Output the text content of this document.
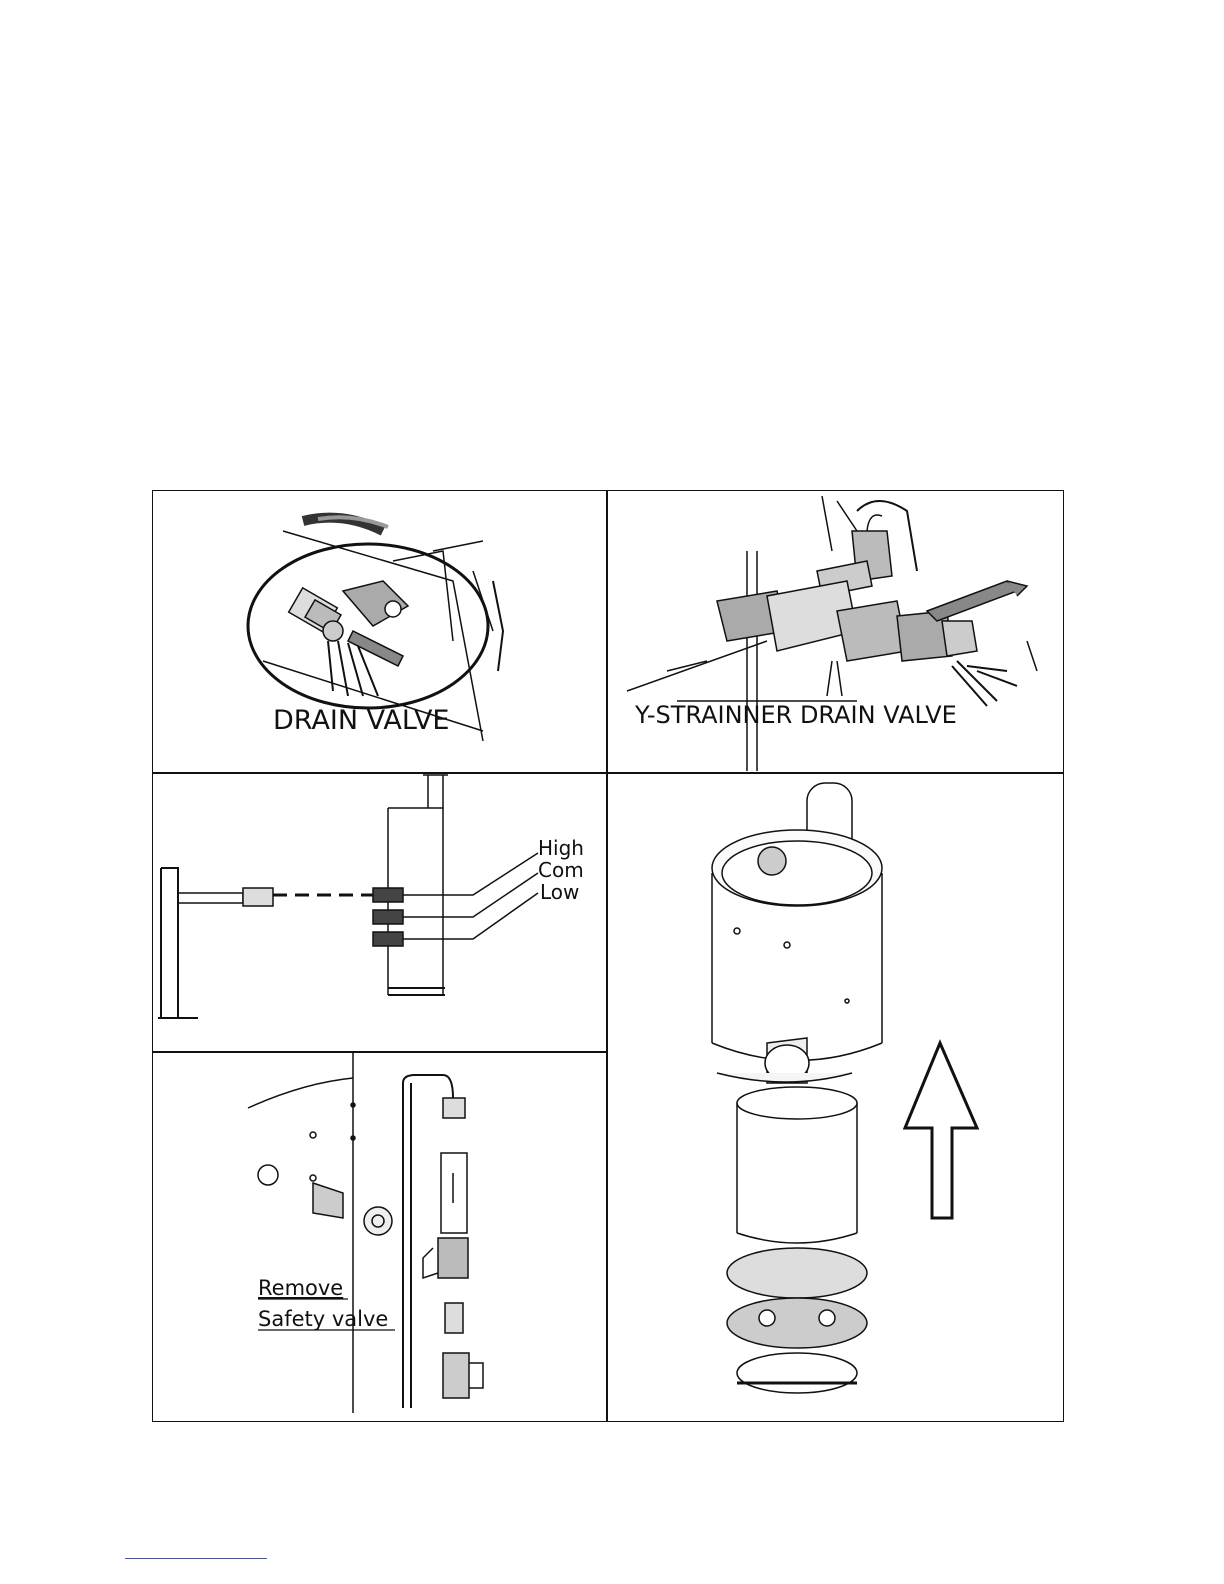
DRAIN VALVE	Y-STRAINNER DRAIN VALVE
High
Com
Low
Remove
Safety valve
